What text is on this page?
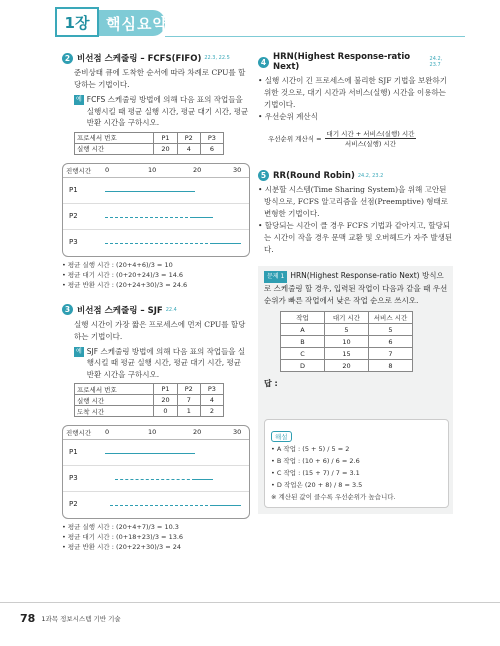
1장	핵심요약
2 비선점 스케줄링 – FCFS(FIFO) 22.3, 22.5
준비상태 큐에 도착한 순서에 따라 차례로 CPU를 할당하는 기법이다.
예 FCFS 스케줄링 방법에 의해 다음 표의 작업들을 실행시킬 때 평균 실행 시간, 평균 대기 시간, 평균 반환 시간을 구하시오.
프로세서 번호	P1	P2	P3
실행 시간	20	4	6
진행시간 0	10	20	30
P1
P2
P3
• 평균 실행 시간 : (20+4+6)/3 = 10
• 평균 대기 시간 : (0+20+24)/3 = 14.6
• 평균 반환 시간 : (20+24+30)/3 = 24.6
3 비선점 스케줄링 – SJF 22.4
실행 시간이 가장 짧은 프로세스에 먼저 CPU를 할당하는 기법이다.
예 SJF 스케줄링 방법에 의해 다음 표의 작업들을 실행시킬 때 평균 실행 시간, 평균 대기 시간, 평균 반환 시간을 구하시오.
프로세서 번호	P1	P2	P3
실행 시간	20	7	4
도착 시간	0	1	2
진행시간 0	10	20	30
P1
P3
P2
• 평균 실행 시간 : (20+4+7)/3 = 10.3
• 평균 대기 시간 : (0+18+23)/3 = 13.6
• 평균 반환 시간 : (20+22+30)/3 = 24
4 HRN(Highest Response-ratio Next)
24.2, 23.7
• 실행 시간이 긴 프로세스에 불리한 SJF 기법을 보완하기 위한 것으로, 대기 시간과 서비스(실행) 시간을 이용하는 기법이다.
• 우선순위 계산식
우선순위 계산식 = $\frac{\text{대기 시간 + 서비스(실행) 시간}}{\text{서비스(실행) 시간}}$
5 RR(Round Robin) 24.2, 23.2
• 시분할 시스템(Time Sharing System)을 위해 고안된 방식으로, FCFS 알고리즘을 선점(Preemptive) 형태로 변형한 기법이다.
• 할당되는 시간이 클 경우 FCFS 기법과 같아지고, 할당되는 시간이 작을 경우 문맥 교환 및 오버헤드가 자주 발생된다.
문제 1 HRN(Highest Response-ratio Next) 방식으로 스케줄링 할 경우, 입력된 작업이 다음과 같을 때 우선순위가 빠른 작업에서 낮은 작업 순으로 쓰시오.
작업	대기 시간	서비스 시간
A	5	5
B	10	6
C	15	7
D	20	8
답 :
해설
• A 작업 : (5 + 5) / 5 = 2
• B 작업 : (10 + 6) / 6 = 2.6
• C 작업 : (15 + 7) / 7 = 3.1
• D 작업은 (20 + 8) / 8 = 3.5
※ 계산된 값이 클수록 우선순위가 높습니다.
78 1과목 정보시스템 기반 기술
